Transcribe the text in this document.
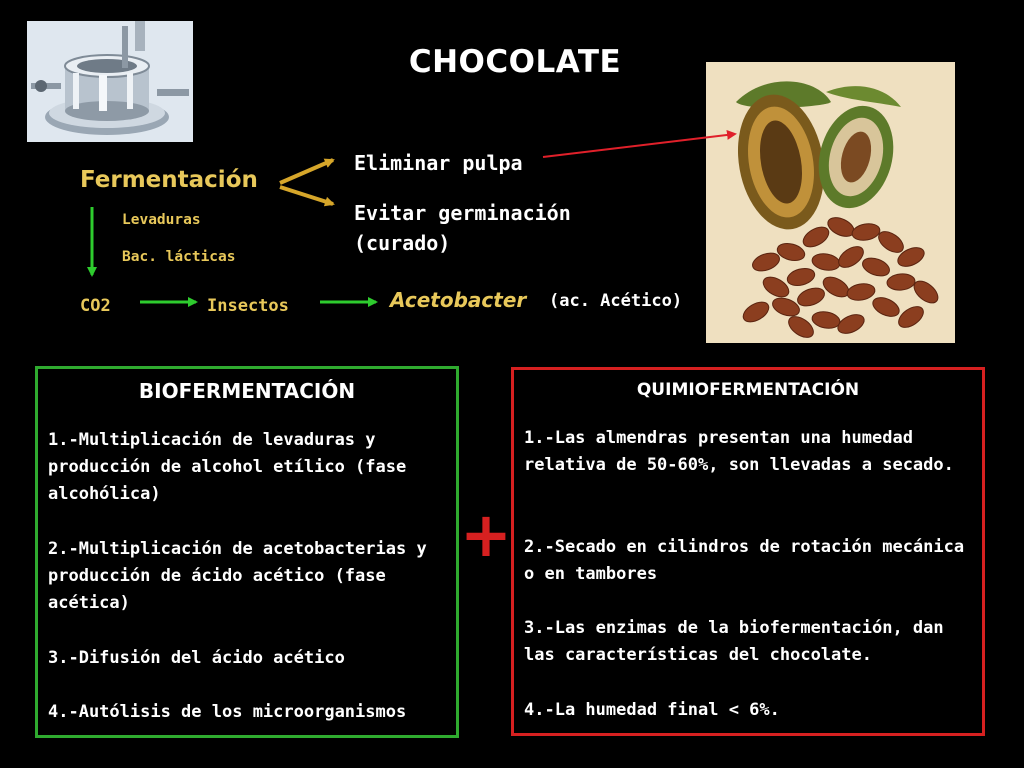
CHOCOLATE
Fermentación
Eliminar pulpa
Evitar germinación
(curado)
Levaduras
Bac. lácticas
CO2	Insectos	Acetobacter (ac. Acético)
BIOFERMENTACIÓN
1.-Multiplicación de levaduras y producción de alcohol etílico (fase alcohólica)
2.-Multiplicación de acetobacterias y producción de ácido acético (fase acética)
3.-Difusión del ácido acético
4.-Autólisis de los microorganismos
+
QUIMIOFERMENTACIÓN
1.-Las almendras presentan una humedad relativa de 50-60%, son llevadas a secado.
2.-Secado en cilindros de rotación mecánica o en tambores
3.-Las enzimas de la biofermentación, dan las características del chocolate.
4.-La humedad final < 6%.
